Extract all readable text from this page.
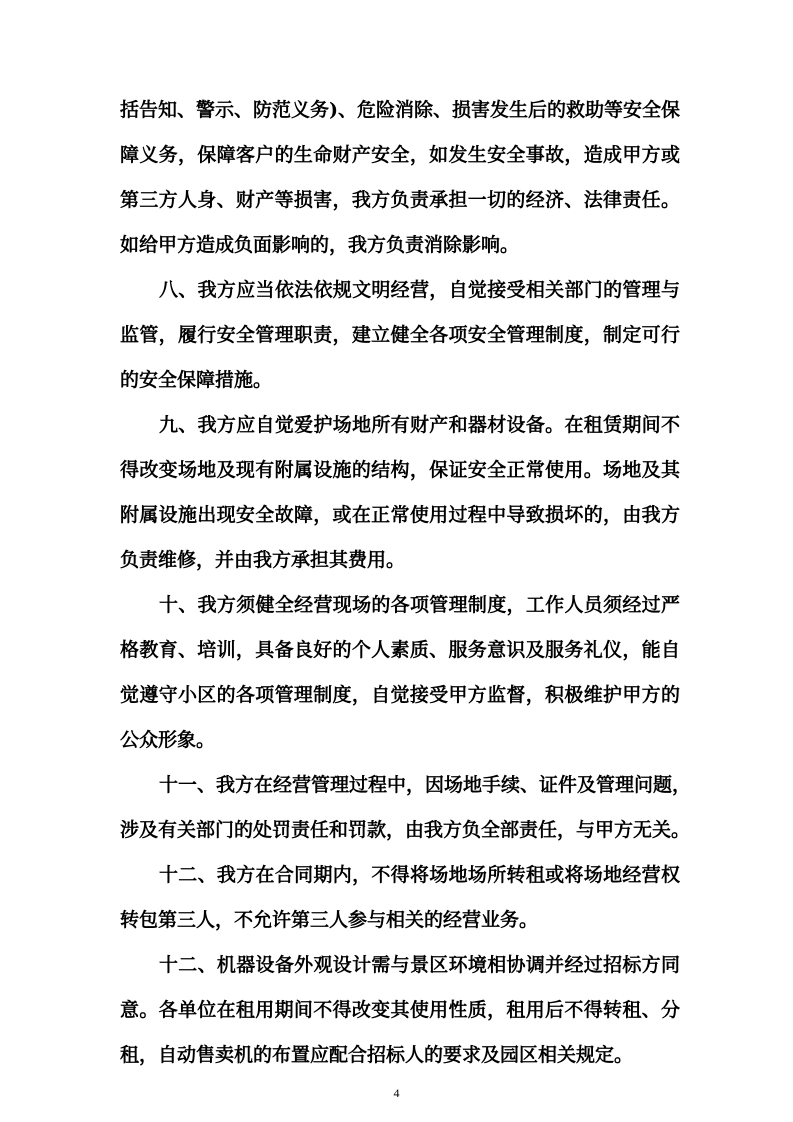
括告知、警示、防范义务)、危险消除、损害发生后的救助等安全保
障义务，保障客户的生命财产安全，如发生安全事故，造成甲方或
第三方人身、财产等损害，我方负责承担一切的经济、法律责任。
如给甲方造成负面影响的，我方负责消除影响。
八、我方应当依法依规文明经营，自觉接受相关部门的管理与
监管，履行安全管理职责，建立健全各项安全管理制度，制定可行
的安全保障措施。
九、我方应自觉爱护场地所有财产和器材设备。在租赁期间不
得改变场地及现有附属设施的结构，保证安全正常使用。场地及其
附属设施出现安全故障，或在正常使用过程中导致损坏的，由我方
负责维修，并由我方承担其费用。
十、我方须健全经营现场的各项管理制度，工作人员须经过严
格教育、培训，具备良好的个人素质、服务意识及服务礼仪，能自
觉遵守小区的各项管理制度，自觉接受甲方监督，积极维护甲方的
公众形象。
十一、我方在经营管理过程中，因场地手续、证件及管理问题，
涉及有关部门的处罚责任和罚款，由我方负全部责任，与甲方无关。
十二、我方在合同期内，不得将场地场所转租或将场地经营权
转包第三人，不允许第三人参与相关的经营业务。
十二、机器设备外观设计需与景区环境相协调并经过招标方同
意。各单位在租用期间不得改变其使用性质，租用后不得转租、分
租，自动售卖机的布置应配合招标人的要求及园区相关规定。
4
